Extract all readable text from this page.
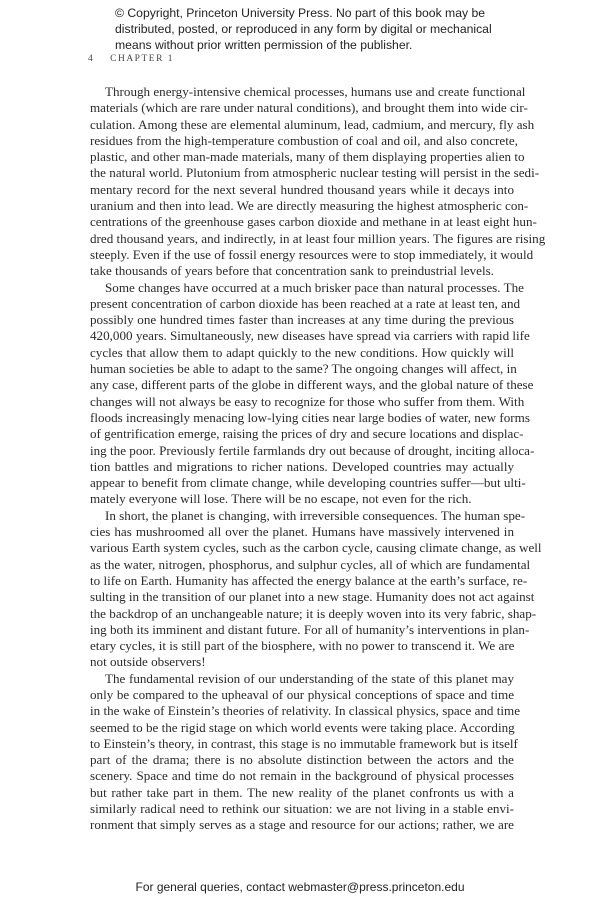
© Copyright, Princeton University Press. No part of this book may be
distributed, posted, or reproduced in any form by digital or mechanical
means without prior written permission of the publisher.
4 CHAPTER 1
Through energy-intensive chemical processes, humans use and create functional
materials (which are rare under natural conditions), and brought them into wide cir-
culation. Among these are elemental aluminum, lead, cadmium, and mercury, fly ash
residues from the high-temperature combustion of coal and oil, and also concrete,
plastic, and other man-made materials, many of them displaying properties alien to
the natural world. Plutonium from atmospheric nuclear testing will persist in the sedi-
mentary record for the next several hundred thousand years while it decays into
uranium and then into lead. We are directly measuring the highest atmospheric con-
centrations of the greenhouse gases carbon dioxide and methane in at least eight hun-
dred thousand years, and indirectly, in at least four million years. The figures are rising
steeply. Even if the use of fossil energy resources were to stop immediately, it would
take thousands of years before that concentration sank to preindustrial levels.
Some changes have occurred at a much brisker pace than natural processes. The
present concentration of carbon dioxide has been reached at a rate at least ten, and
possibly one hundred times faster than increases at any time during the previous
420,000 years. Simultaneously, new diseases have spread via carriers with rapid life
cycles that allow them to adapt quickly to the new conditions. How quickly will
human societies be able to adapt to the same? The ongoing changes will affect, in
any case, different parts of the globe in different ways, and the global nature of these
changes will not always be easy to recognize for those who suffer from them. With
floods increasingly menacing low-lying cities near large bodies of water, new forms
of gentrification emerge, raising the prices of dry and secure locations and displac-
ing the poor. Previously fertile farmlands dry out because of drought, inciting alloca-
tion battles and migrations to richer nations. Developed countries may actually
appear to benefit from climate change, while developing countries suffer—but ulti-
mately everyone will lose. There will be no escape, not even for the rich.
In short, the planet is changing, with irreversible consequences. The human spe-
cies has mushroomed all over the planet. Humans have massively intervened in
various Earth system cycles, such as the carbon cycle, causing climate change, as well
as the water, nitrogen, phosphorus, and sulphur cycles, all of which are fundamental
to life on Earth. Humanity has affected the energy balance at the earth’s surface, re-
sulting in the transition of our planet into a new stage. Humanity does not act against
the backdrop of an unchangeable nature; it is deeply woven into its very fabric, shap-
ing both its imminent and distant future. For all of humanity’s interventions in plan-
etary cycles, it is still part of the biosphere, with no power to transcend it. We are
not outside observers!
The fundamental revision of our understanding of the state of this planet may
only be compared to the upheaval of our physical conceptions of space and time
in the wake of Einstein’s theories of relativity. In classical physics, space and time
seemed to be the rigid stage on which world events were taking place. According
to Einstein’s theory, in contrast, this stage is no immutable framework but is itself
part of the drama; there is no absolute distinction between the actors and the
scenery. Space and time do not remain in the background of physical processes
but rather take part in them. The new reality of the planet confronts us with a
similarly radical need to rethink our situation: we are not living in a stable envi-
ronment that simply serves as a stage and resource for our actions; rather, we are
For general queries, contact webmaster@press.princeton.edu
